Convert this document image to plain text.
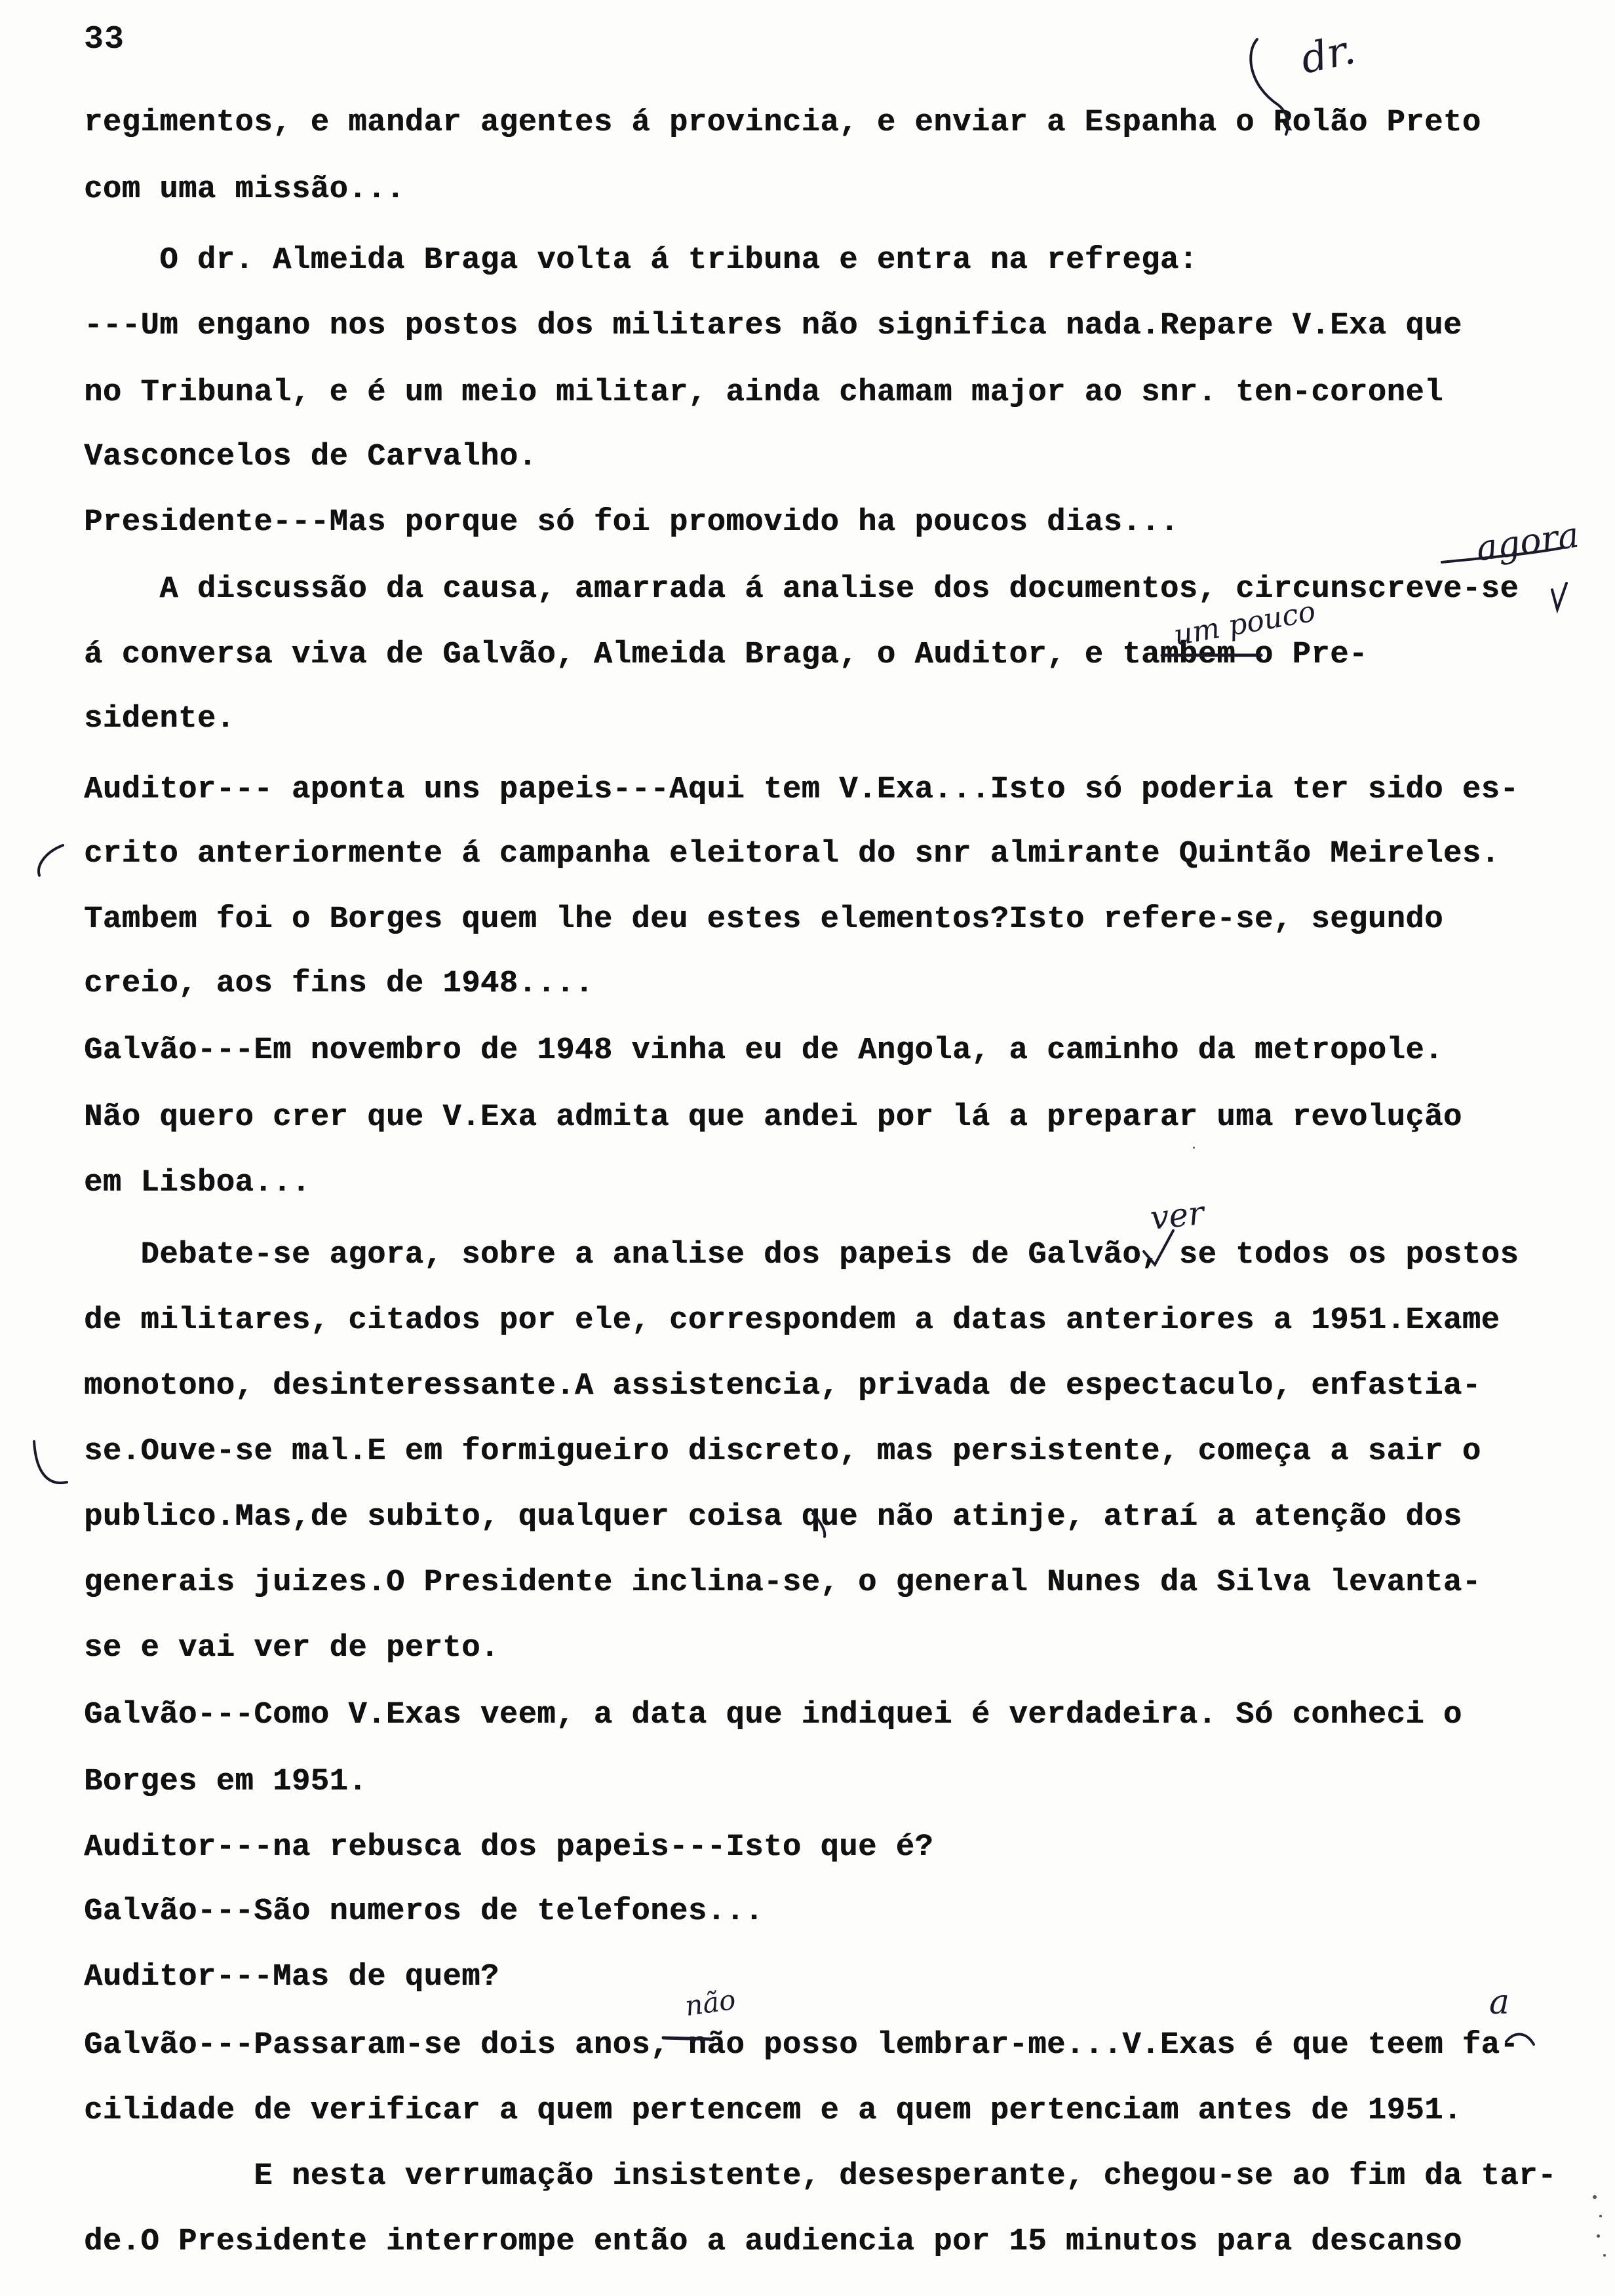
33
regimentos, e mandar agentes á provincia, e enviar a Espanha o Rolão Preto
com uma missão...
O dr. Almeida Braga volta á tribuna e entra na refrega:
---Um engano nos postos dos militares não significa nada.Repare V.Exa que
no Tribunal, e é um meio militar, ainda chamam major ao snr. ten-coronel
Vasconcelos de Carvalho.
Presidente---Mas porque só foi promovido ha poucos dias...
A discussão da causa, amarrada á analise dos documentos, circunscreve-se
á conversa viva de Galvão, Almeida Braga, o Auditor, e tambem o Pre-
sidente.
Auditor--- aponta uns papeis---Aqui tem V.Exa...Isto só poderia ter sido es-
crito anteriormente á campanha eleitoral do snr almirante Quintão Meireles.
Tambem foi o Borges quem lhe deu estes elementos?Isto refere-se, segundo
creio, aos fins de 1948....
Galvão---Em novembro de 1948 vinha eu de Angola, a caminho da metropole.
Não quero crer que V.Exa admita que andei por lá a preparar uma revolução
em Lisboa...
Debate-se agora, sobre a analise dos papeis de Galvão, se todos os postos
de militares, citados por ele, correspondem a datas anteriores a 1951.Exame
monotono, desinteressante.A assistencia, privada de espectaculo, enfastia-
se.Ouve-se mal.E em formigueiro discreto, mas persistente, começa a sair o
publico.Mas,de subito, qualquer coisa que não atinje, atraí a atenção dos
generais juizes.O Presidente inclina-se, o general Nunes da Silva levanta-
se e vai ver de perto.
Galvão---Como V.Exas veem, a data que indiquei é verdadeira. Só conheci o
Borges em 1951.
Auditor---na rebusca dos papeis---Isto que é?
Galvão---São numeros de telefones...
Auditor---Mas de quem?
Galvão---Passaram-se dois anos, não posso lembrar-me...V.Exas é que teem fa-
cilidade de verificar a quem pertencem e a quem pertenciam antes de 1951.
E nesta verrumação insistente, desesperante, chegou-se ao fim da tar-
de.O Presidente interrompe então a audiencia por 15 minutos para descanso
dr.
agora
um pouco
ver
não	a
